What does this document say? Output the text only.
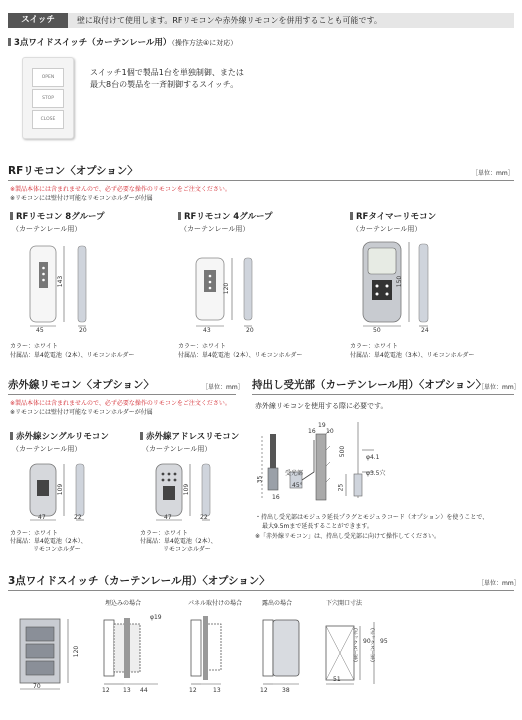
スイッチ	壁に取付けて使用します。RFリモコンや赤外線リモコンを併用することも可能です。
3点ワイドスイッチ（カーテンレール用）（操作方法④に対応）
OPEN
STOP
CLOSE
スイッチ1個で製品1台を単独制御、または
最大8台の製品を一斉制御するスイッチ。
RFリモコン〈オプション〉	［単位：mm］
※製品本体には含まれませんので、必ず必要な操作のリモコンをご注文ください。
※リモコンには壁付け可能なリモコンホルダーが付属
RFリモコン 8グループ
（カーテンレール用）
45
143
20
カラー：ホワイト
付属品：単4乾電池（2本）、リモコンホルダー
RFリモコン 4グループ
（カーテンレール用）
43
120
20
カラー：ホワイト
付属品：単4乾電池（2本）、リモコンホルダー
RFタイマーリモコン
（カーテンレール用）
50
150
24
カラー：ホワイト
付属品：単4乾電池（3本）、リモコンホルダー
赤外線リモコン〈オプション〉	［単位：mm］
※製品本体には含まれませんので、必ず必要な操作のリモコンをご注文ください。
※リモコンには壁付け可能なリモコンホルダーが付属
赤外線シングルリモコン
（カーテンレール用）
47
109
22
カラー：ホワイト
付属品：単4乾電池（2本）、
リモコンホルダー
赤外線アドレスリモコン
（カーテンレール用）
47
109
22
カラー：ホワイト
付属品：単4乾電池（2本）、
リモコンホルダー
持出し受光部（カーテンレール用）〈オプション〉
［単位：mm］
赤外線リモコンを使用する際に必要です。
19
16 10
受光部
35
45°
16
500
φ4.1
25
φ3.5穴
・持出し受光部はモジュラ延長プラグとモジュラコード（オプション）を使うことで、
最大9.5mまで延長することができます。
※「赤外線リモコン」は、持出し受光部に向けて操作してください。
3点ワイドスイッチ（カーテンレール用）〈オプション〉	［単位：mm］
埋込みの場合	パネル取付けの場合	露出の場合	下穴開口寸法
70
120
φ19
12 13 44	12	13	12 38
51
90
(ボックス工事)	95
(ボックス工事)
